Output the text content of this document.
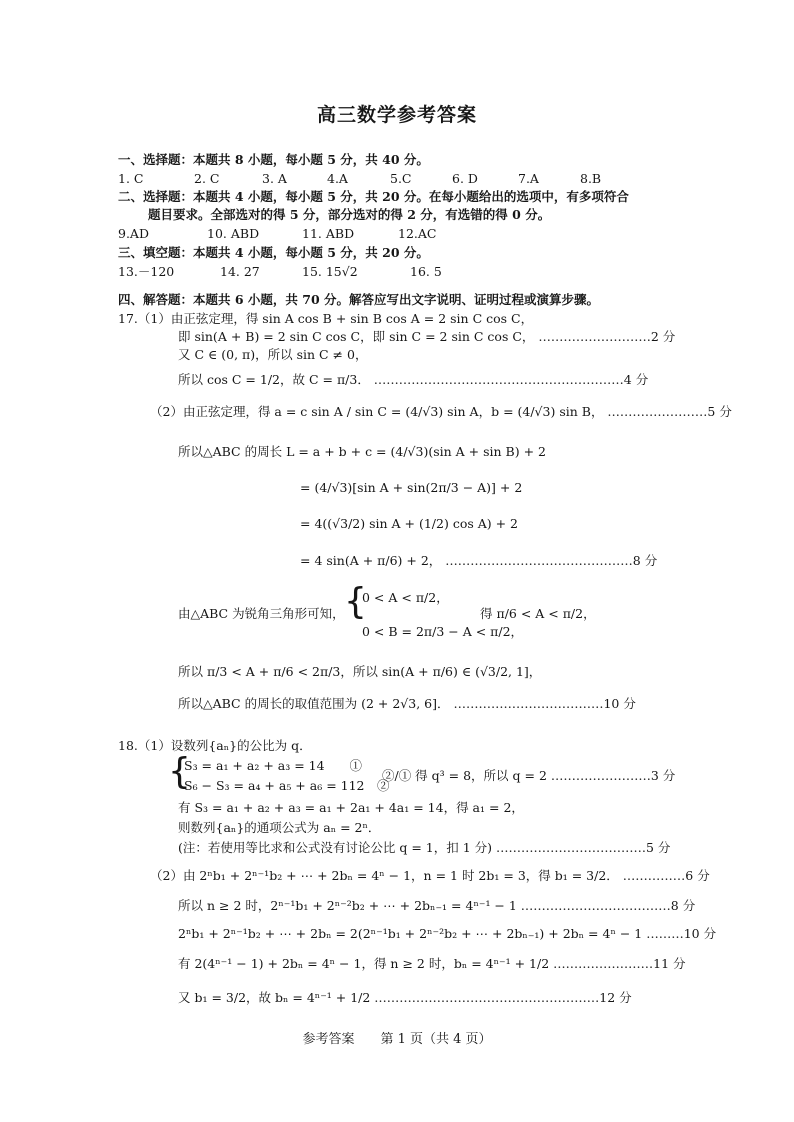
高三数学参考答案
一、选择题：本题共 8 小题，每小题 5 分，共 40 分。
1. C	2. C	3. A	4.A	5.C	6. D	7.A	8.B
二、选择题：本题共 4 小题，每小题 5 分，共 20 分。在每小题给出的选项中，有多项符合
题目要求。全部选对的得 5 分，部分选对的得 2 分，有选错的得 0 分。
9.AD	10. ABD	11. ABD	12.AC
三、填空题：本题共 4 小题，每小题 5 分，共 20 分。
13.－120	14. 27	15. 15√2	16. 5
四、解答题：本题共 6 小题，共 70 分。解答应写出文字说明、证明过程或演算步骤。
17.（1）由正弦定理，得 sin A cos B + sin B cos A = 2 sin C cos C，
即 sin(A + B) = 2 sin C cos C，即 sin C = 2 sin C cos C， ………………………2 分
又 C ∈ (0, π)，所以 sin C ≠ 0，
所以 cos C = 1/2，故 C = π/3． ……………………………………………………4 分
（2）由正弦定理，得 a = c sin A / sin C = (4/√3) sin A，b = (4/√3) sin B， ……………………5 分
所以△ABC 的周长 L = a + b + c = (4/√3)(sin A + sin B) + 2
= (4/√3)[sin A + sin(2π/3 − A)] + 2
= 4((√3/2) sin A + (1/2) cos A) + 2
= 4 sin(A + π/6) + 2， ………………………………………8 分
由△ABC 为锐角三角形可知， {
0 < A < π/2，
0 < B = 2π/3 − A < π/2，
得 π/6 < A < π/2，
所以 π/3 < A + π/6 < 2π/3，所以 sin(A + π/6) ∈ (√3/2, 1]，
所以△ABC 的周长的取值范围为 (2 + 2√3, 6]． ………………………………10 分
18.（1）设数列{aₙ}的公比为 q．
{
S₃ = a₁ + a₂ + a₃ = 14　　①
S₆ − S₃ = a₄ + a₅ + a₆ = 112　②
②/① 得 q³ = 8，所以 q = 2 ……………………3 分
有 S₃ = a₁ + a₂ + a₃ = a₁ + 2a₁ + 4a₁ = 14，得 a₁ = 2，
则数列{aₙ}的通项公式为 aₙ = 2ⁿ．
(注：若使用等比求和公式没有讨论公比 q = 1，扣 1 分) ………………………………5 分
（2）由 2ⁿb₁ + 2ⁿ⁻¹b₂ + ⋯ + 2bₙ = 4ⁿ − 1，n = 1 时 2b₁ = 3，得 b₁ = 3/2． ……………6 分
所以 n ≥ 2 时，2ⁿ⁻¹b₁ + 2ⁿ⁻²b₂ + ⋯ + 2bₙ₋₁ = 4ⁿ⁻¹ − 1 ………………………………8 分
2ⁿb₁ + 2ⁿ⁻¹b₂ + ⋯ + 2bₙ = 2(2ⁿ⁻¹b₁ + 2ⁿ⁻²b₂ + ⋯ + 2bₙ₋₁) + 2bₙ = 4ⁿ − 1 ………10 分
有 2(4ⁿ⁻¹ − 1) + 2bₙ = 4ⁿ − 1，得 n ≥ 2 时，bₙ = 4ⁿ⁻¹ + 1/2 ……………………11 分
又 b₁ = 3/2，故 bₙ = 4ⁿ⁻¹ + 1/2 ………………………………………………12 分
参考答案　　第 1 页（共 4 页）
